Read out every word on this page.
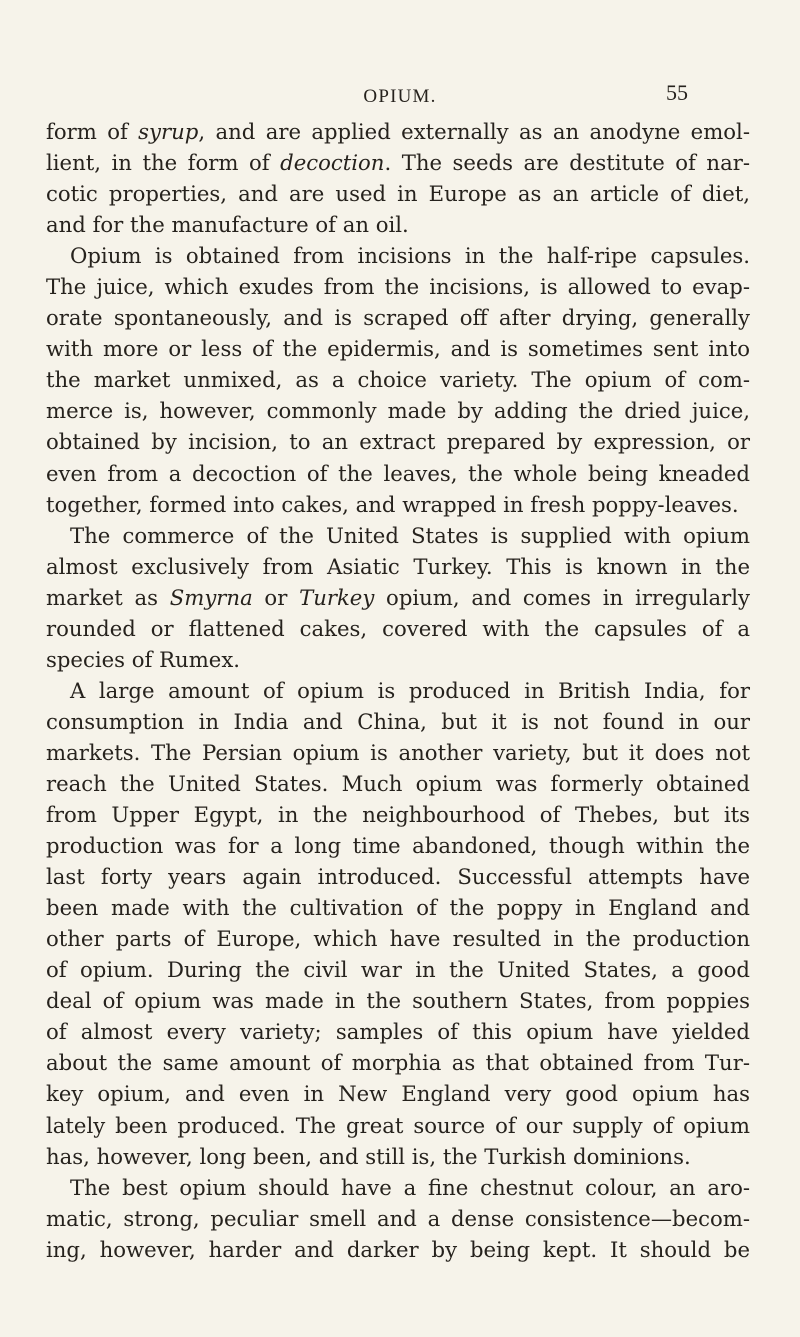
OPIUM.	55
form of syrup, and are applied externally as an anodyne emol-
lient, in the form of decoction. The seeds are destitute of nar-
cotic properties, and are used in Europe as an article of diet,
and for the manufacture of an oil.
Opium is obtained from incisions in the half-ripe capsules.
The juice, which exudes from the incisions, is allowed to evap-
orate spontaneously, and is scraped off after drying, generally
with more or less of the epidermis, and is sometimes sent into
the market unmixed, as a choice variety. The opium of com-
merce is, however, commonly made by adding the dried juice,
obtained by incision, to an extract prepared by expression, or
even from a decoction of the leaves, the whole being kneaded
together, formed into cakes, and wrapped in fresh poppy-leaves.
The commerce of the United States is supplied with opium
almost exclusively from Asiatic Turkey. This is known in the
market as Smyrna or Turkey opium, and comes in irregularly
rounded or flattened cakes, covered with the capsules of a
species of Rumex.
A large amount of opium is produced in British India, for
consumption in India and China, but it is not found in our
markets. The Persian opium is another variety, but it does not
reach the United States. Much opium was formerly obtained
from Upper Egypt, in the neighbourhood of Thebes, but its
production was for a long time abandoned, though within the
last forty years again introduced. Successful attempts have
been made with the cultivation of the poppy in England and
other parts of Europe, which have resulted in the production
of opium. During the civil war in the United States, a good
deal of opium was made in the southern States, from poppies
of almost every variety; samples of this opium have yielded
about the same amount of morphia as that obtained from Tur-
key opium, and even in New England very good opium has
lately been produced. The great source of our supply of opium
has, however, long been, and still is, the Turkish dominions.
The best opium should have a fine chestnut colour, an aro-
matic, strong, peculiar smell and a dense consistence—becom-
ing, however, harder and darker by being kept. It should be
